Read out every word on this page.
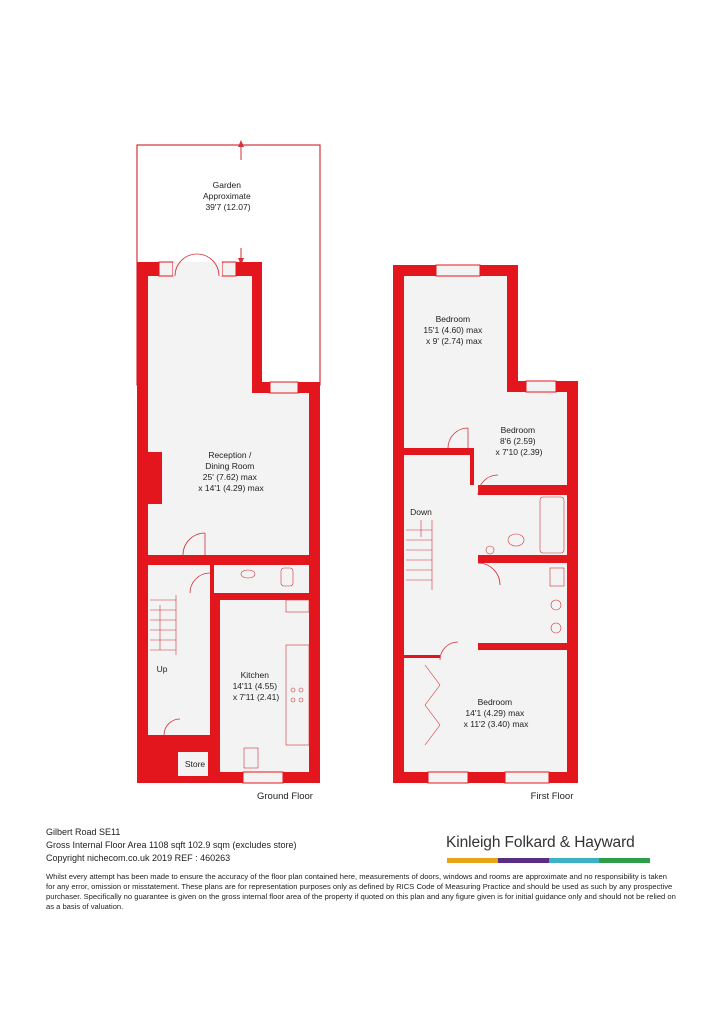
Garden Approximate 39'7 (12.07)
Reception / Dining Room 25' (7.62) max x 14'1 (4.29) max
Kitchen 14'11 (4.55) x 7'11 (2.41)
Store
Up
Down
Bedroom 15'1 (4.60) max x 9' (2.74) max
Bedroom 8'6 (2.59) x 7'10 (2.39)
Bedroom 14'1 (4.29) max x 11'2 (3.40) max
Ground Floor	First Floor
Gilbert Road SE11
Gross Internal Floor Area 1108 sqft 102.9 sqm (excludes store)
Copyright nichecom.co.uk 2019 REF : 460263
Kinleigh Folkard & Hayward
Whilst every attempt has been made to ensure the accuracy of the floor plan contained here, measurements of doors, windows and rooms are approximate and no responsibility is taken for any error, omission or misstatement. These plans are for representation purposes only as defined by RICS Code of Measuring Practice and should be used as such by any prospective purchaser. Specifically no guarantee is given on the gross internal floor area of the property if quoted on this plan and any figure given is for initial guidance only and should not be relied on as a basis of valuation.
